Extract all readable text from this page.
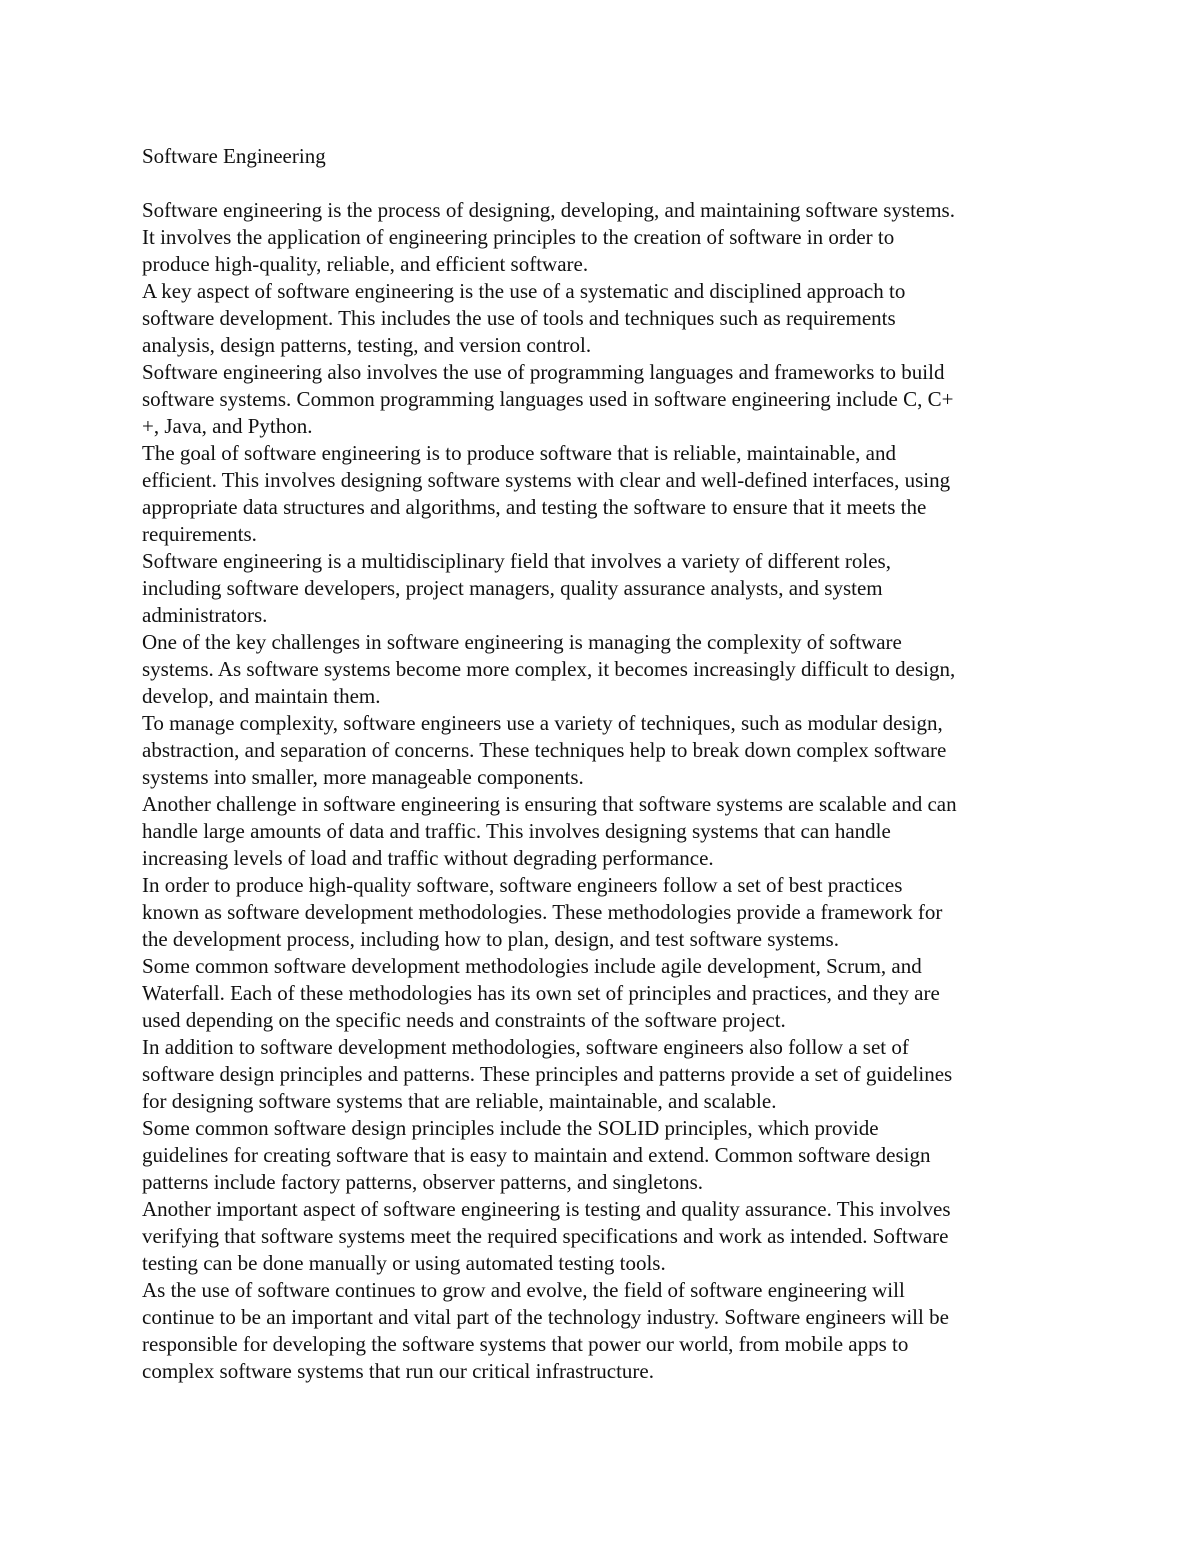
Software Engineering
Software engineering is the process of designing, developing, and maintaining software systems.
It involves the application of engineering principles to the creation of software in order to
produce high-quality, reliable, and efficient software.
A key aspect of software engineering is the use of a systematic and disciplined approach to
software development. This includes the use of tools and techniques such as requirements
analysis, design patterns, testing, and version control.
Software engineering also involves the use of programming languages and frameworks to build
software systems. Common programming languages used in software engineering include C, C+
+, Java, and Python.
The goal of software engineering is to produce software that is reliable, maintainable, and
efficient. This involves designing software systems with clear and well-defined interfaces, using
appropriate data structures and algorithms, and testing the software to ensure that it meets the
requirements.
Software engineering is a multidisciplinary field that involves a variety of different roles,
including software developers, project managers, quality assurance analysts, and system
administrators.
One of the key challenges in software engineering is managing the complexity of software
systems. As software systems become more complex, it becomes increasingly difficult to design,
develop, and maintain them.
To manage complexity, software engineers use a variety of techniques, such as modular design,
abstraction, and separation of concerns. These techniques help to break down complex software
systems into smaller, more manageable components.
Another challenge in software engineering is ensuring that software systems are scalable and can
handle large amounts of data and traffic. This involves designing systems that can handle
increasing levels of load and traffic without degrading performance.
In order to produce high-quality software, software engineers follow a set of best practices
known as software development methodologies. These methodologies provide a framework for
the development process, including how to plan, design, and test software systems.
Some common software development methodologies include agile development, Scrum, and
Waterfall. Each of these methodologies has its own set of principles and practices, and they are
used depending on the specific needs and constraints of the software project.
In addition to software development methodologies, software engineers also follow a set of
software design principles and patterns. These principles and patterns provide a set of guidelines
for designing software systems that are reliable, maintainable, and scalable.
Some common software design principles include the SOLID principles, which provide
guidelines for creating software that is easy to maintain and extend. Common software design
patterns include factory patterns, observer patterns, and singletons.
Another important aspect of software engineering is testing and quality assurance. This involves
verifying that software systems meet the required specifications and work as intended. Software
testing can be done manually or using automated testing tools.
As the use of software continues to grow and evolve, the field of software engineering will
continue to be an important and vital part of the technology industry. Software engineers will be
responsible for developing the software systems that power our world, from mobile apps to
complex software systems that run our critical infrastructure.
